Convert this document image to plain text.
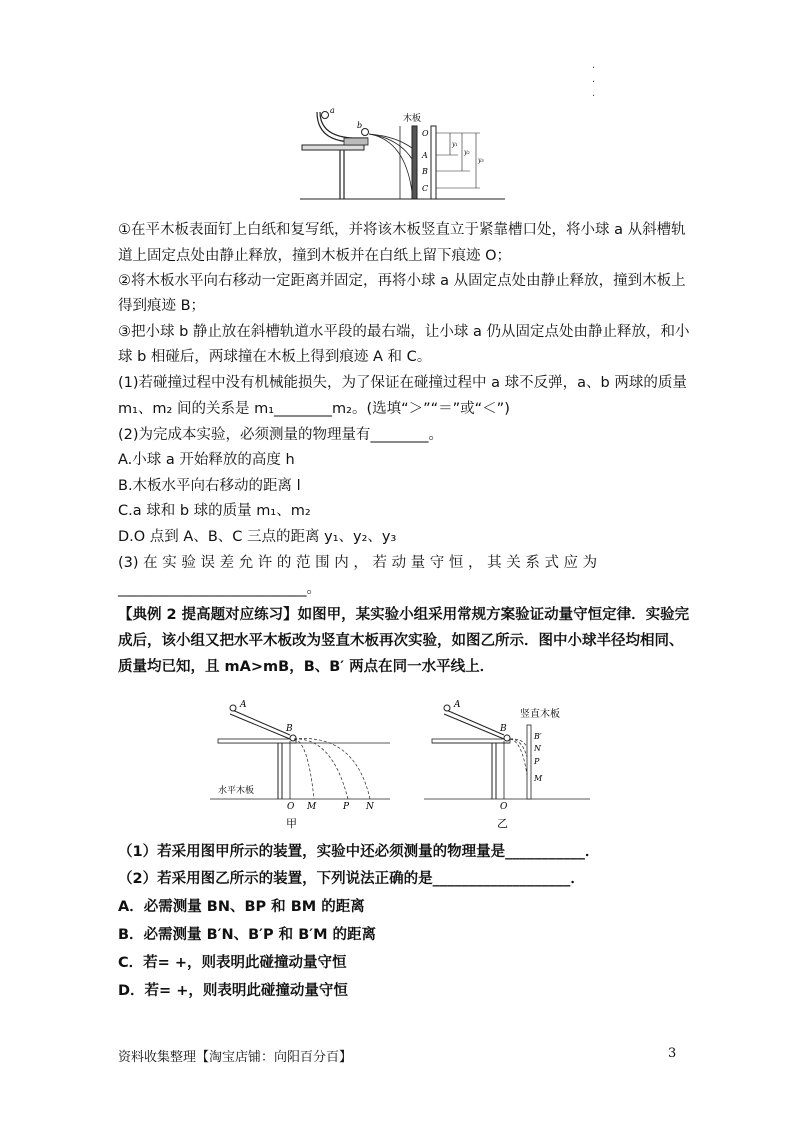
·
·
·
a
b
木板
O
A
B
C
y₁
y₂
y₃
①在平木板表面钉上白纸和复写纸，并将该木板竖直立于紧靠槽口处，将小球 a 从斜槽轨
道上固定点处由静止释放，撞到木板并在白纸上留下痕迹 O；
②将木板水平向右移动一定距离并固定，再将小球 a 从固定点处由静止释放，撞到木板上
得到痕迹 B；
③把小球 b 静止放在斜槽轨道水平段的最右端，让小球 a 仍从固定点处由静止释放，和小
球 b 相碰后，两球撞在木板上得到痕迹 A 和 C。
(1)若碰撞过程中没有机械能损失，为了保证在碰撞过程中 a 球不反弹，a、b 两球的质量
m₁、m₂ 间的关系是 m₁________m₂。(选填“＞”“＝”或“＜”)
(2)为完成本实验，必须测量的物理量有________。
A.小球 a 开始释放的高度 h
B.木板水平向右移动的距离 l
C.a 球和 b 球的质量 m₁、m₂
D.O 点到 A、B、C 三点的距离 y₁、y₂、y₃
(3) 在 实 验 误 差 允 许 的 范 围 内 ， 若 动 量 守 恒 ， 其 关 系 式 应 为
__________________________。
【典例 2 提高题对应练习】如图甲，某实验小组采用常规方案验证动量守恒定律．实验完
成后，该小组又把水平木板改为竖直木板再次实验，如图乙所示．图中小球半径均相同、
质量均已知，且 mA>mB，B、B′ 两点在同一水平线上．
A
B
水平木板
O M	P N
甲
A
B
竖直木板
B′
N
P
M
O
乙
（1）若采用图甲所示的装置，实验中还必须测量的物理量是___________．
（2）若采用图乙所示的装置，下列说法正确的是___________________．
A．必需测量 BN、BP 和 BM 的距离
B．必需测量 B′N、B′P 和 B′M 的距离
C．若= +，则表明此碰撞动量守恒
D．若= +，则表明此碰撞动量守恒
资料收集整理【淘宝店铺：向阳百分百】	3
